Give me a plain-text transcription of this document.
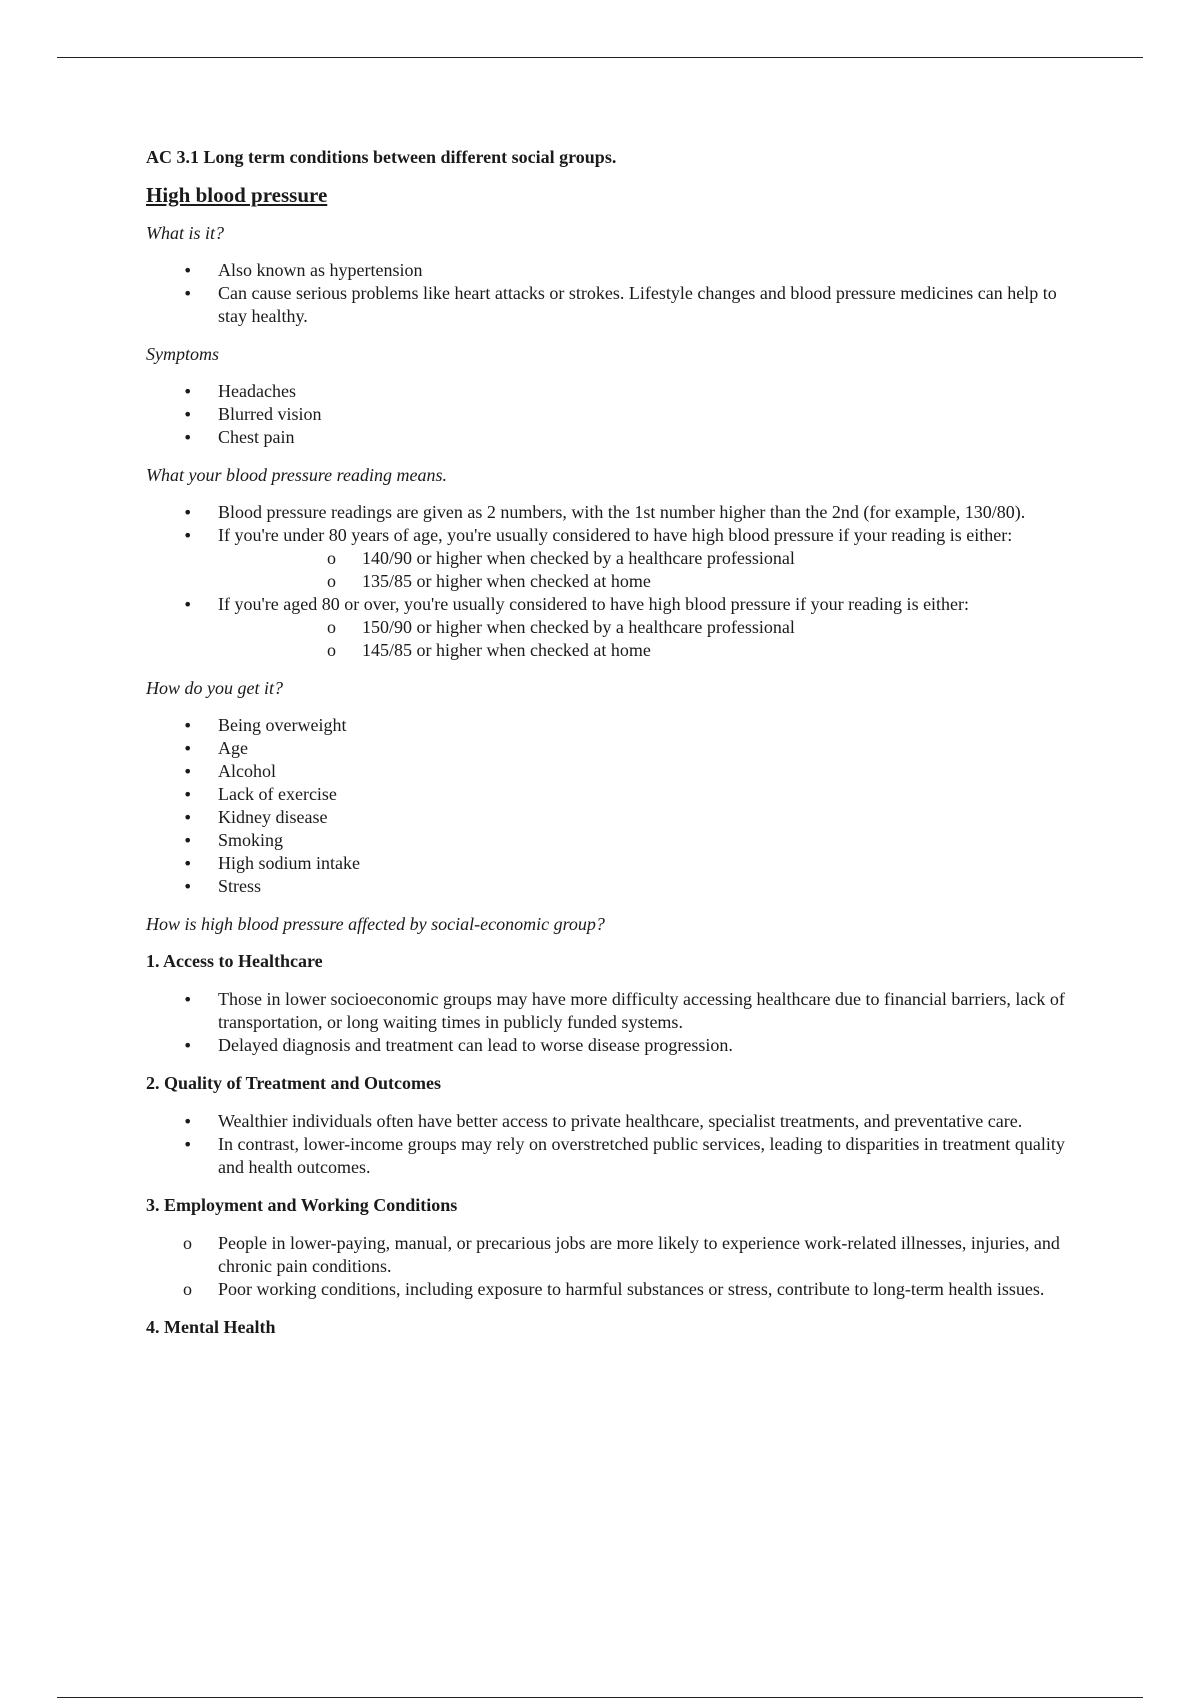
AC 3.1 Long term conditions between different social groups.
High blood pressure
What is it?
• Also known as hypertension
• Can cause serious problems like heart attacks or strokes. Lifestyle changes and blood pressure medicines can help to stay healthy.
Symptoms
• Headaches
• Blurred vision
• Chest pain
What your blood pressure reading means.
• Blood pressure readings are given as 2 numbers, with the 1st number higher than the 2nd (for example, 130/80).
• If you're under 80 years of age, you're usually considered to have high blood pressure if your reading is either:
o 140/90 or higher when checked by a healthcare professional
o 135/85 or higher when checked at home
• If you're aged 80 or over, you're usually considered to have high blood pressure if your reading is either:
o 150/90 or higher when checked by a healthcare professional
o 145/85 or higher when checked at home
How do you get it?
• Being overweight
• Age
• Alcohol
• Lack of exercise
• Kidney disease
• Smoking
• High sodium intake
• Stress
How is high blood pressure affected by social-economic group?
1. Access to Healthcare
• Those in lower socioeconomic groups may have more difficulty accessing healthcare due to financial barriers, lack of transportation, or long waiting times in publicly funded systems.
• Delayed diagnosis and treatment can lead to worse disease progression.
2. Quality of Treatment and Outcomes
• Wealthier individuals often have better access to private healthcare, specialist treatments, and preventative care.
• In contrast, lower-income groups may rely on overstretched public services, leading to disparities in treatment quality and health outcomes.
3. Employment and Working Conditions
o People in lower-paying, manual, or precarious jobs are more likely to experience work-related illnesses, injuries, and chronic pain conditions.
o Poor working conditions, including exposure to harmful substances or stress, contribute to long-term health issues.
4. Mental Health
